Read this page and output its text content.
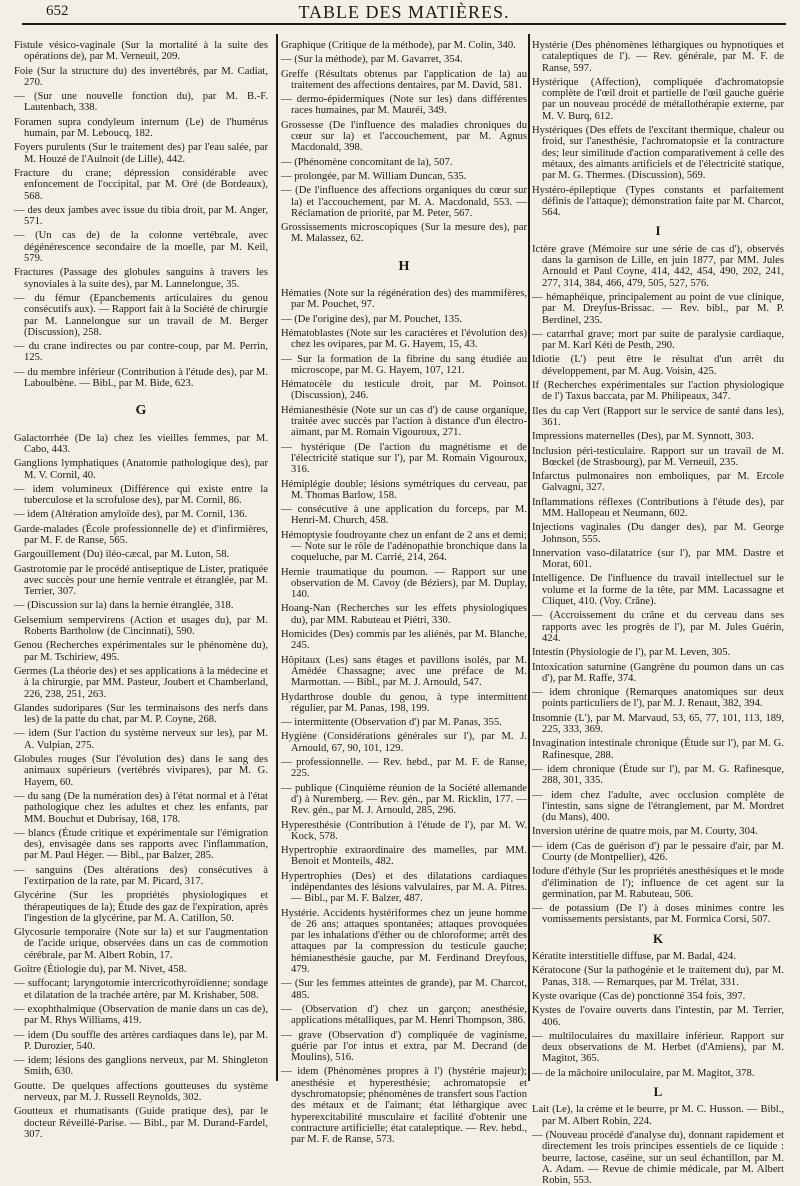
652	TABLE DES MATIÈRES.

Fistule vésico-vaginale (Sur la mortalité à la suite des opérations de), par M. Verneuil, 209.

Foie (Sur la structure du) des invertébrés, par M. Cadiat, 270.

— (Sur une nouvelle fonction du), par M. B.-F. Lautenbach, 338.

Foramen supra condyleum internum (Le) de l'humérus humain, par M. Leboucq, 182.

Foyers purulents (Sur le traitement des) par l'eau salée, par M. Houzé de l'Aulnoit (de Lille), 442.

Fracture du crane; dépression considérable avec enfoncement de l'occipital, par M. Oré (de Bordeaux), 568.

— des deux jambes avec issue du tibia droit, par M. Anger, 571.

— (Un cas de) de la colonne vertébrale, avec dégénérescence secondaire de la moelle, par M. Keil, 579.

Fractures (Passage des globules sanguins à travers les synoviales à la suite des), par M. Lannelongue, 35.

— du fémur (Epanchements articulaires du genou consécutifs aux). — Rapport fait à la Société de chirurgie par M. Lannelongue sur un travail de M. Berger (Discussion), 258.

— du crane indirectes ou par contre-coup, par M. Perrin, 125.

— du membre inférieur (Contribution à l'étude des), par M. Laboulbène. — Bibl., par M. Bide, 623.

G

Galactorrhée (De la) chez les vieilles femmes, par M. Cabo, 443.

Ganglions lymphatiques (Anatomie pathologique des), par M. V. Cornil, 40.

— idem volumineux (Différence qui existe entre la tuberculose et la scrofulose des), par M. Cornil, 86.

— idem (Altération amyloïde des), par M. Cornil, 136.

Garde-malades (École professionnelle de) et d'infirmières, par M. F. de Ranse, 565.

Gargouillement (Du) iléo-cæcal, par M. Luton, 58.

Gastrotomie par le procédé antiseptique de Lister, pratiquée avec succès pour une hernie ventrale et étranglée, par M. Terrier, 307.

— (Discussion sur la) dans la hernie étranglée, 318.

Gelsemium sempervirens (Action et usages du), par M. Roberts Bartholow (de Cincinnati), 590.

Genou (Recherches expérimentales sur le phénomène du), par M. Tschiriew, 495.

Germes (La théorie des) et ses applications à la médecine et à la chirurgie, par MM. Pasteur, Joubert et Chamberland, 226, 238, 251, 263.

Glandes sudoripares (Sur les terminaisons des nerfs dans les) de la patte du chat, par M. P. Coyne, 268.

— idem (Sur l'action du système nerveux sur les), par M. A. Vulpian, 275.

Globules rouges (Sur l'évolution des) dans le sang des animaux supérieurs (vertébrés vivipares), par M. G. Hayem, 60.

— du sang (De la numération des) à l'état normal et à l'état pathologique chez les adultes et chez les enfants, par MM. Bouchut et Dubrisay, 168, 178.

— blancs (Étude critique et expérimentale sur l'émigration des), envisagée dans ses rapports avec l'inflammation, par M. Paul Héger. — Bibl., par Balzer, 285.

— sanguins (Des altérations des) consécutives à l'extirpation de la rate, par M. Picard, 317.

Glycérine (Sur les propriétés physiologiques et thérapeutiques de la); Étude des gaz de l'expiration, après l'ingestion de la glycérine, par M. A. Catillon, 50.

Glycosurie temporaire (Note sur la) et sur l'augmentation de l'acide urique, observées dans un cas de commotion cérébrale, par M. Albert Robin, 17.

Goître (Étiologie du), par M. Nivet, 458.

— suffocant; laryngotomie intercricothyroïdienne; sondage et dilatation de la trachée artère, par M. Krishaber, 508.

— exophthalmique (Observation de manie dans un cas de), par M. Rhys Williams, 419.

— idem (Du souffle des artères cardiaques dans le), par M. P. Durozier, 540.

— idem; lésions des ganglions nerveux, par M. Shingleton Smith, 630.

Goutte. De quelques affections goutteuses du système nerveux, par M. J. Russell Reynolds, 302.

Goutteux et rhumatisants (Guide pratique des), par le docteur Réveillé-Parise. — Bibl., par M. Durand-Fardel, 307.

Graphique (Critique de la méthode), par M. Colin, 340.

— (Sur la méthode), par M. Gavarret, 354.

Greffe (Résultats obtenus par l'application de la) au traitement des affections dentaires, par M. David, 581.

— dermo-épidermiques (Note sur les) dans différentes races humaines, par M. Mauréi, 349.

Grossesse (De l'influence des maladies chroniques du cœur sur la) et l'accouchement, par M. Agnus Macdonald, 398.

— (Phénomène concomitant de la), 507.

— prolongée, par M. William Duncan, 535.

— (De l'influence des affections organiques du cœur sur la) et l'accouchement, par M. A. Macdonald, 553. — Réclamation de priorité, par M. Peter, 567.

Grossissements microscopiques (Sur la mesure des), par M. Malassez, 62.

H

Hématies (Note sur la régénération des) des mammifères, par M. Pouchet, 97.

— (De l'origine des), par M. Pouchet, 135.

Hématoblastes (Note sur les caractères et l'évolution des) chez les ovipares, par M. G. Hayem, 15, 43.

— Sur la formation de la fibrine du sang étudiée au microscope, par M. G. Hayem, 107, 121.

Hématocèle du testicule droit, par M. Poinsot. (Discussion), 246.

Hémianesthésie (Note sur un cas d') de cause organique, traitée avec succès par l'action à distance d'un électro-aimant, par M. Romain Vigouroux, 271.

— hystérique (De l'action du magnétisme et de l'électricité statique sur l'), par M. Romain Vigouroux, 316.

Hémiplégie double; lésions symétriques du cerveau, par M. Thomas Barlow, 158.

— consécutive à une application du forceps, par M. Henri-M. Church, 458.

Hémoptysie foudroyante chez un enfant de 2 ans et demi; — Note sur le rôle de l'adénopathie bronchique dans la coqueluche, par M. Carrié, 214, 264.

Hernie traumatique du poumon. — Rapport sur une observation de M. Cavoy (de Béziers), par M. Duplay, 140.

Hoang-Nan (Recherches sur les effets physiologiques du), par MM. Rabuteau et Piétri, 330.

Homicides (Des) commis par les aliénés, par M. Blanche, 245.

Hôpitaux (Les) sans étages et pavillons isolés, par M. Amédée Chassagne; avec une préface de M. Marmottan. — Bibl., par M. J. Arnould, 547.

Hydarthrose double du genou, à type intermittent régulier, par M. Panas, 198, 199.

— intermittente (Observation d') par M. Panas, 355.

Hygiène (Considérations générales sur l'), par M. J. Arnould, 67, 90, 101, 129.

— professionnelle. — Rev. hebd., par M. F. de Ranse, 225.

— publique (Cinquième réunion de la Société allemande d') à Nuremberg. — Rev. gén., par M. Ricklin, 177. — Rev. gén., par M. J. Arnould, 285, 296.

Hyperesthésie (Contribution à l'étude de l'), par M. W. Kock, 578.

Hypertrophie extraordinaire des mamelles, par MM. Benoit et Monteils, 482.

Hypertrophies (Des) et des dilatations cardiaques indépendantes des lésions valvulaires, par M. A. Pitres. — Bibl., par M. F. Balzer, 487.

Hystérie. Accidents hystériformes chez un jeune homme de 26 ans; attaques spontanées; attaques provoquées par les inhalations d'éther ou de chloroforme; arrêt des attaques par la compression du testicule gauche; hémianesthésie gauche, par M. Ferdinand Dreyfous, 479.

— (Sur les femmes atteintes de grande), par M. Charcot, 485.

— (Observation d') chez un garçon; anesthésie, applications métalliques, par M. Henri Thompson, 386.

— grave (Observation d') compliquée de vaginisme, guérie par l'or intus et extra, par M. Decrand (de Moulins), 516.

— idem (Phénomènes propres à l') (hystérie majeur); anesthésie et hyperesthésie; achromatopsie et dyschromatopsie; phénomènes de transfert sous l'action des métaux et de l'aimant; état léthargique avec hyperexcitabilité musculaire et facilité d'obtenir une contracture artificielle; état cataleptique. — Rev. hebd., par M. F. de Ranse, 573.

Hystérie (Des phénomènes léthargiques ou hypnotiques et cataleptiques de l'). — Rev. générale, par M. F. de Ranse, 597.

Hystérique (Affection), compliquée d'achromatopsie complète de l'œil droit et partielle de l'œil gauche guérie par un nouveau procédé de métallothérapie externe, par M. V. Burq, 612.

Hystériques (Des effets de l'excitant thermique, chaleur ou froid, sur l'anesthésie, l'achromatopsie et la contracture des; leur similitude d'action comparativement à celle des métaux, des aimants artificiels et de l'électricité statique, par M. G. Thermes. (Discussion), 569.

Hystéro-épileptique (Types constants et parfaitement définis de l'attaque); démonstration faite par M. Charcot, 564.

I

Ictère grave (Mémoire sur une série de cas d'), observés dans la garnison de Lille, en juin 1877, par MM. Jules Arnould et Paul Coyne, 414, 442, 454, 490, 202, 241, 277, 314, 384, 466, 479, 505, 527, 576.

— hémaphéique, principalement au point de vue clinique, par M. Dreyfus-Brissac. — Rev. bibl., par M. P. Berdinel, 235.

— catarrhal grave; mort par suite de paralysie cardiaque, par M. Karl Kéti de Pesth, 290.

Idiotie (L') peut être le résultat d'un arrêt du développement, par M. Aug. Voisin, 425.

If (Recherches expérimentales sur l'action physiologique de l') Taxus baccata, par M. Philipeaux, 347.

Iles du cap Vert (Rapport sur le service de santé dans les), 361.

Impressions maternelles (Des), par M. Synnott, 303.

Inclusion péri-testiculaire. Rapport sur un travail de M. Bœckel (de Strasbourg), par M. Verneuil, 235.

Infarctus pulmonaires non emboliques, par M. Ercole Galvagni, 327.

Inflammations réflexes (Contributions à l'étude des), par MM. Hallopeau et Neumann, 602.

Injections vaginales (Du danger des), par M. George Johnson, 555.

Innervation vaso-dilatatrice (sur l'), par MM. Dastre et Morat, 601.

Intelligence. De l'influence du travail intellectuel sur le volume et la forme de la tête, par MM. Lacassagne et Cliquet, 410. (Voy. Crâne).

— (Accroissement du crâne et du cerveau dans ses rapports avec les progrès de l'), par M. Jules Guérin, 424.

Intestin (Physiologie de l'), par M. Leven, 305.

Intoxication saturnine (Gangrène du poumon dans un cas d'), par M. Raffe, 374.

— idem chronique (Remarques anatomiques sur deux points particuliers de l'), par M. J. Renaut, 382, 394.

Insomnie (L'), par M. Marvaud, 53, 65, 77, 101, 113, 189, 225, 333, 369.

Invagination intestinale chronique (Étude sur l'), par M. G. Rafinesque, 288.

— idem chronique (Étude sur l'), par M. G. Rafinesque, 288, 301, 335.

— idem chez l'adulte, avec occlusion complète de l'intestin, sans signe de l'étranglement, par M. Mordret (du Mans), 400.

Inversion utérine de quatre mois, par M. Courty, 304.

— idem (Cas de guérison d') par le pessaire d'air, par M. Courty (de Montpellier), 426.

Iodure d'éthyle (Sur les propriétés anesthésiques et le mode d'élimination de l'); influence de cet agent sur la germination, par M. Rabuteau, 506.

— de potassium (De l') à doses minimes contre les vomissements persistants, par M. Formica Corsi, 507.

K

Kératite interstitielle diffuse, par M. Badal, 424.

Kératocone (Sur la pathogénie et le traitement du), par M. Panas, 318. — Remarques, par M. Trélat, 331.

Kyste ovarique (Cas de) ponctionné 354 fois, 397.

Kystes de l'ovaire ouverts dans l'intestin, par M. Terrier, 406.

— multiloculaires du maxillaire inférieur. Rapport sur deux observations de M. Herbet (d'Amiens), par M. Magitot, 365.

— de la mâchoire uniloculaire, par M. Magitot, 378.

L

Lait (Le), la crème et le beurre, pr M. C. Husson. — Bibl., par M. Albert Robin, 224.

— (Nouveau procédé d'analyse du), donnant rapidement et directement les trois principes essentiels de ce liquide : beurre, lactose, caséine, sur un seul échantillon, par M. A. Adam. — Revue de chimie médicale, par M. Albert Robin, 553.
